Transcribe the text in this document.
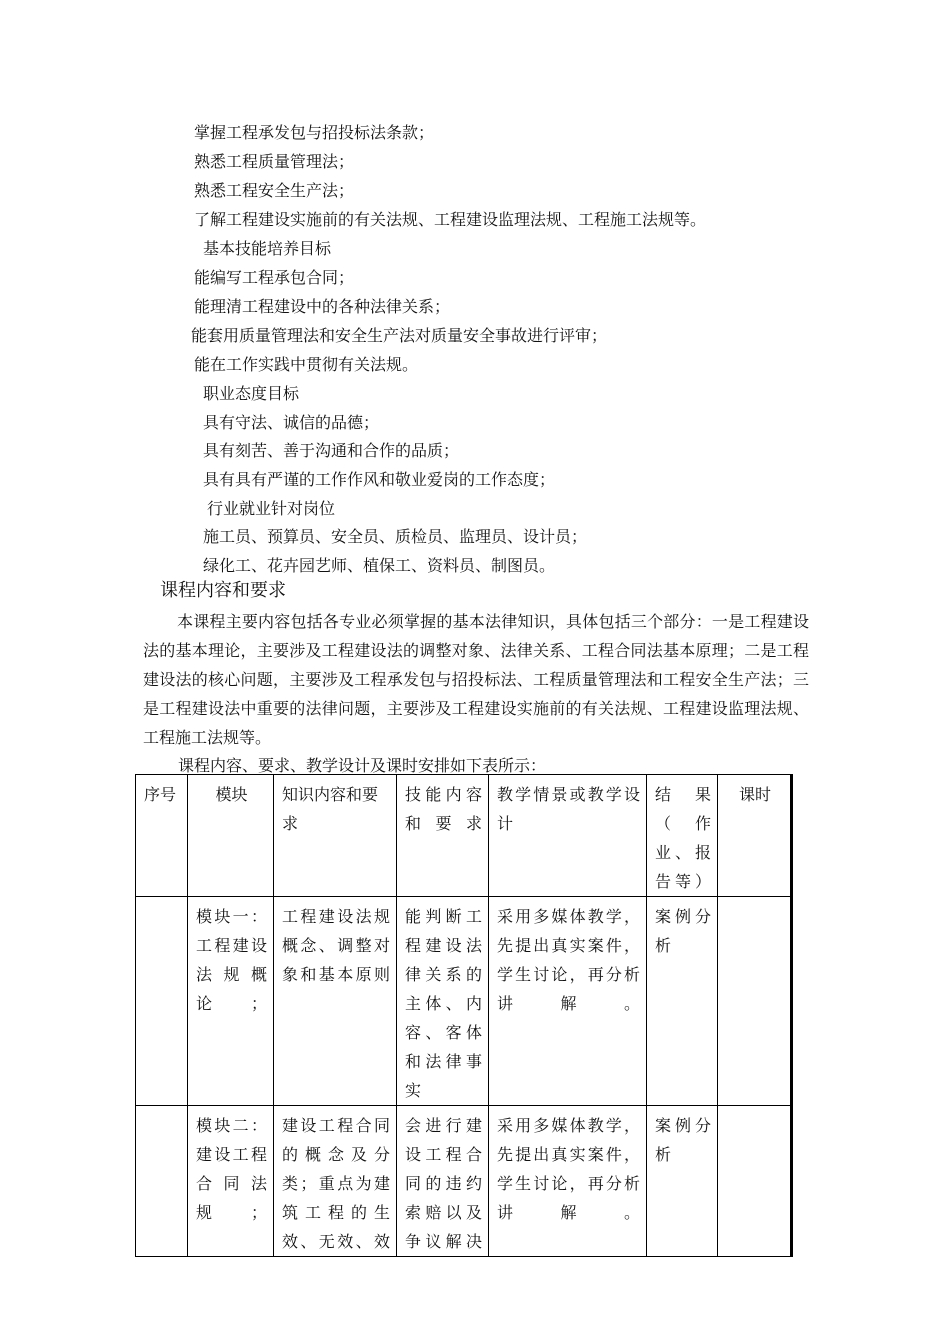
掌握工程承发包与招投标法条款；
熟悉工程质量管理法；
熟悉工程安全生产法；
了解工程建设实施前的有关法规、工程建设监理法规、工程施工法规等。
基本技能培养目标
能编写工程承包合同；
能理清工程建设中的各种法律关系；
能套用质量管理法和安全生产法对质量安全事故进行评审；
能在工作实践中贯彻有关法规。
职业态度目标
具有守法、诚信的品德；
具有刻苦、善于沟通和合作的品质；
具有具有严谨的工作作风和敬业爱岗的工作态度；
行业就业针对岗位
施工员、预算员、安全员、质检员、监理员、设计员；
绿化工、花卉园艺师、植保工、资料员、制图员。
课程内容和要求
本课程主要内容包括各专业必须掌握的基本法律知识，具体包括三个部分：一是工程建设法的基本理论，主要涉及工程建设法的调整对象、法律关系、工程合同法基本原理；二是工程建设法的核心问题，主要涉及工程承发包与招投标法、工程质量管理法和工程安全生产法；三是工程建设法中重要的法律问题，主要涉及工程建设实施前的有关法规、工程建设监理法规、工程施工法规等。
课程内容、要求、教学设计及课时安排如下表所示：
序号	模块	知识内容和要求	技能内容和要求	教学情景或教学设计	结果（作业、报告等）	课时
	模块一：工程建设法规概论；	工程建设法规概念、调整对象和基本原则	能判断工程建设法律关系的主体、内容、客体和法律事实	采用多媒体教学，先提出真实案件，学生讨论，再分析讲解。	案例分析	
	模块二：建设工程合同法规；	建设工程合同的概念及分类；重点为建筑工程的生效、无效、效	会进行建设工程合同的违约索赔以及争议解决	采用多媒体教学，先提出真实案件，学生讨论，再分析讲解。	案例分析	
